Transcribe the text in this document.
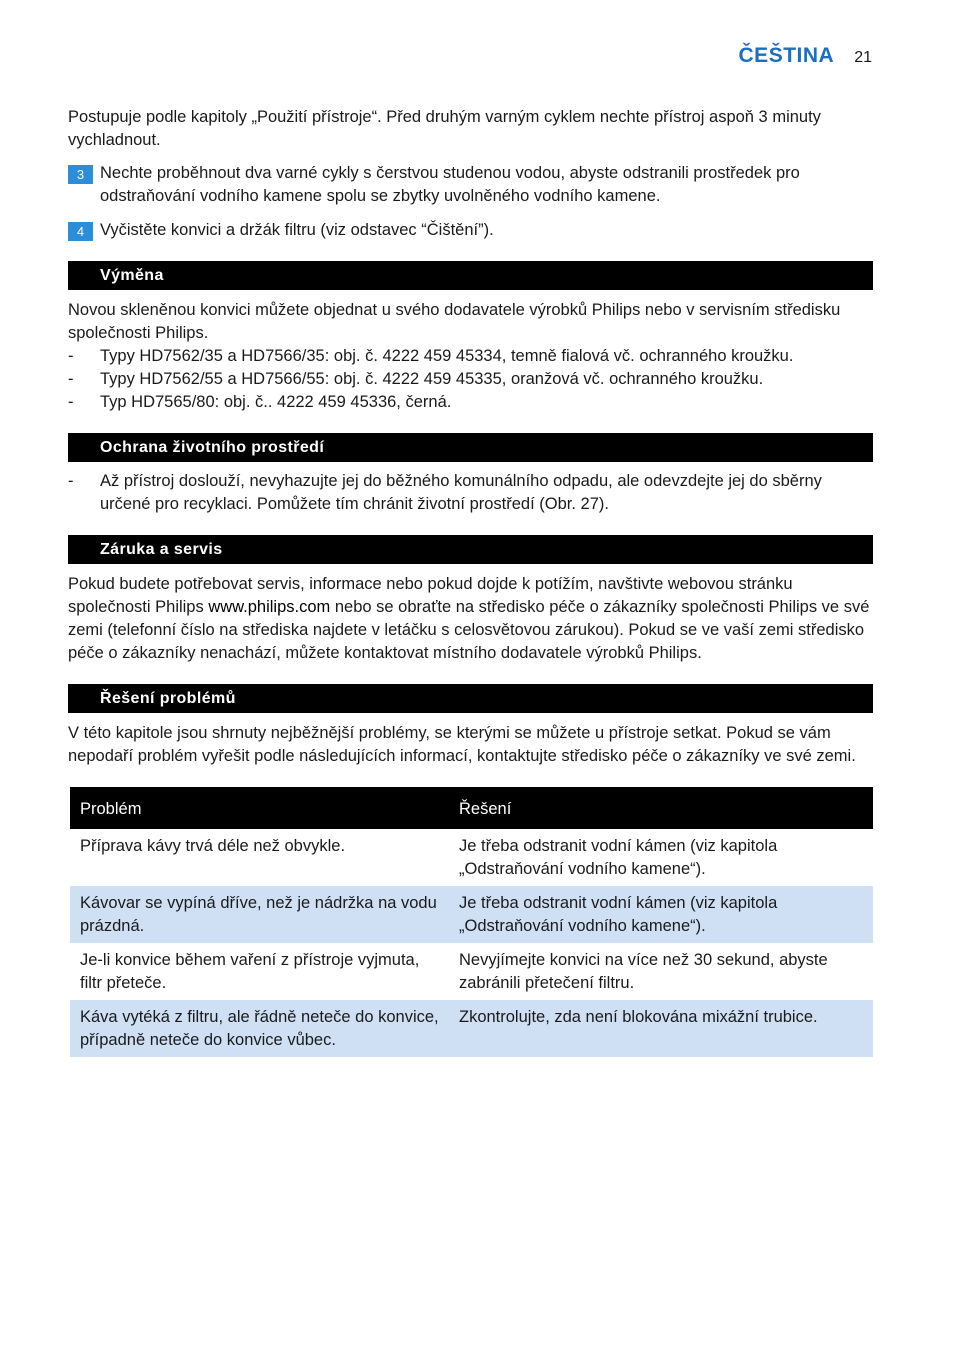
ČEŠTINA 21

Postupuje podle kapitoly „Použití přístroje“. Před druhým varným cyklem nechte přístroj aspoň 3 minuty vychladnout.

3 Nechte proběhnout dva varné cykly s čerstvou studenou vodou, abyste odstranili prostředek pro odstraňování vodního kamene spolu se zbytky uvolněného vodního kamene.
4 Vyčistěte konvici a držák filtru (viz odstavec “Čištění”).
Výměna

Novou skleněnou konvici můžete objednat u svého dodavatele výrobků Philips nebo v servisním středisku společnosti Philips.

- Typy HD7562/35 a HD7566/35: obj. č. 4222 459 45334, temně fialová vč. ochranného kroužku.
- Typy HD7562/55 a HD7566/55: obj. č. 4222 459 45335, oranžová vč. ochranného kroužku.
- Typ HD7565/80: obj. č.. 4222 459 45336, černá.
Ochrana životního prostředí
- Až přístroj doslouží, nevyhazujte jej do běžného komunálního odpadu, ale odevzdejte jej do sběrny určené pro recyklaci. Pomůžete tím chránit životní prostředí (Obr. 27).
Záruka a servis

Pokud budete potřebovat servis, informace nebo pokud dojde k potížím, navštivte webovou stránku společnosti Philips www.philips.com nebo se obraťte na středisko péče o zákazníky společnosti Philips ve své zemi (telefonní číslo na střediska najdete v letáčku s celosvětovou zárukou). Pokud se ve vaší zemi středisko péče o zákazníky nenachází, můžete kontaktovat místního dodavatele výrobků Philips.

Řešení problémů

V této kapitole jsou shrnuty nejběžnější problémy, se kterými se můžete u přístroje setkat. Pokud se vám nepodaří problém vyřešit podle následujících informací, kontaktujte středisko péče o zákazníky ve své zemi.

Problém	Řešení
Příprava kávy trvá déle než obvykle.	Je třeba odstranit vodní kámen (viz kapitola „Odstraňování vodního kamene“).
Kávovar se vypíná dříve, než je nádržka na vodu prázdná.	Je třeba odstranit vodní kámen (viz kapitola „Odstraňování vodního kamene“).
Je-li konvice během vaření z přístroje vyjmuta, filtr přeteče.	Nevyjímejte konvici na více než 30 sekund, abyste zabránili přetečení filtru.
Káva vytéká z filtru, ale řádně neteče do konvice, případně neteče do konvice vůbec.	Zkontrolujte, zda není blokována mixážní trubice.
